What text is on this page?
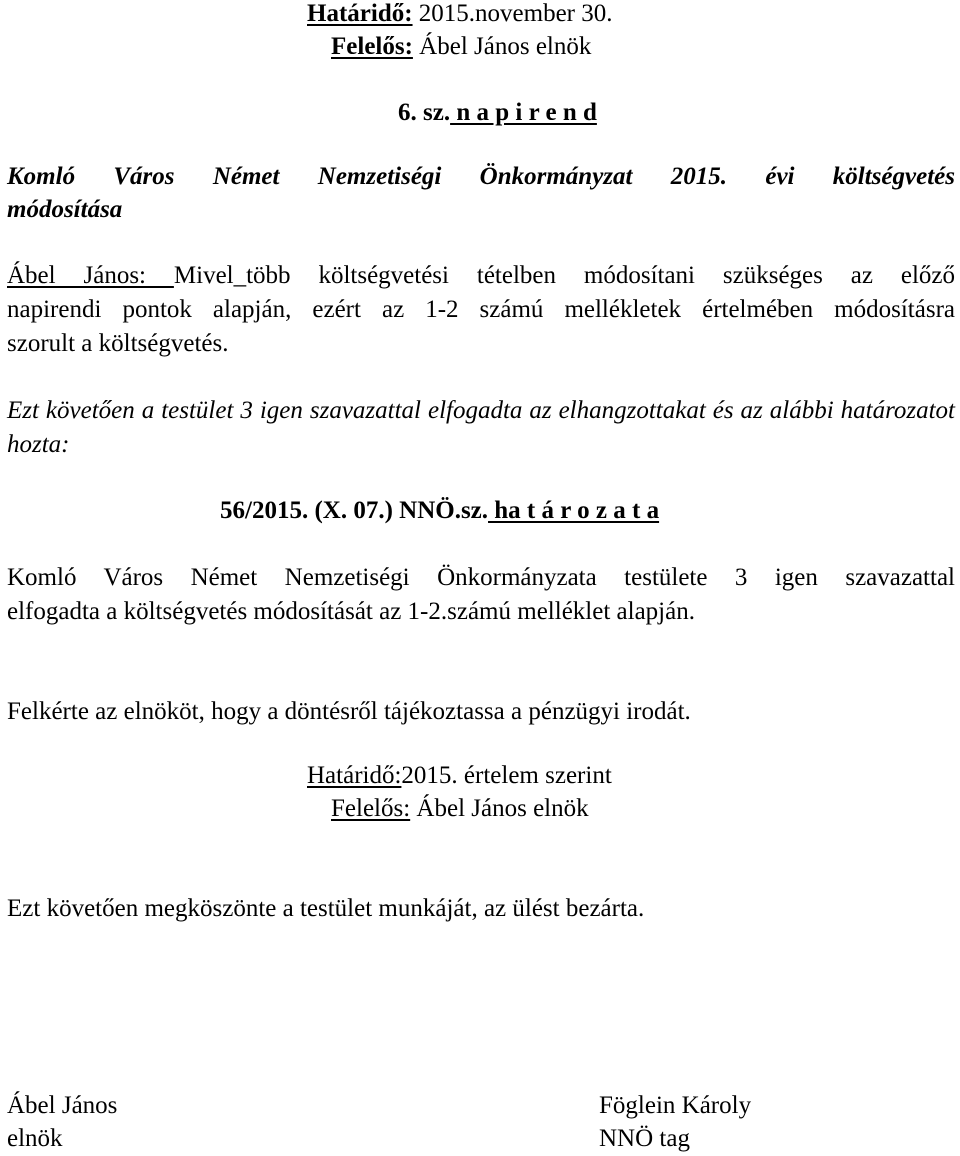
Határidő: 2015.november 30.
Felelős: Ábel János elnök
6. sz. n a p i r e n d
Komló Város Német Nemzetiségi Önkormányzat 2015. évi költségvetés
módosítása
Ábel János: Mivel_több költségvetési tételben módosítani szükséges az előző
napirendi pontok alapján, ezért az 1-2 számú mellékletek értelmében módosításra
szorult a költségvetés.
Ezt követően a testület 3 igen szavazattal elfogadta az elhangzottakat és az alábbi határozatot
hozta:
56/2015. (X. 07.) NNÖ.sz. ha t á r o z a t a
Komló Város Német Nemzetiségi Önkormányzata testülete 3 igen szavazattal
elfogadta a költségvetés módosítását az 1-2.számú melléklet alapján.
Felkérte az elnököt, hogy a döntésről tájékoztassa a pénzügyi irodát.
Határidő:2015. értelem szerint
Felelős: Ábel János elnök
Ezt követően megköszönte a testület munkáját, az ülést bezárta.
Ábel János
elnök
Föglein Károly
NNÖ tag
